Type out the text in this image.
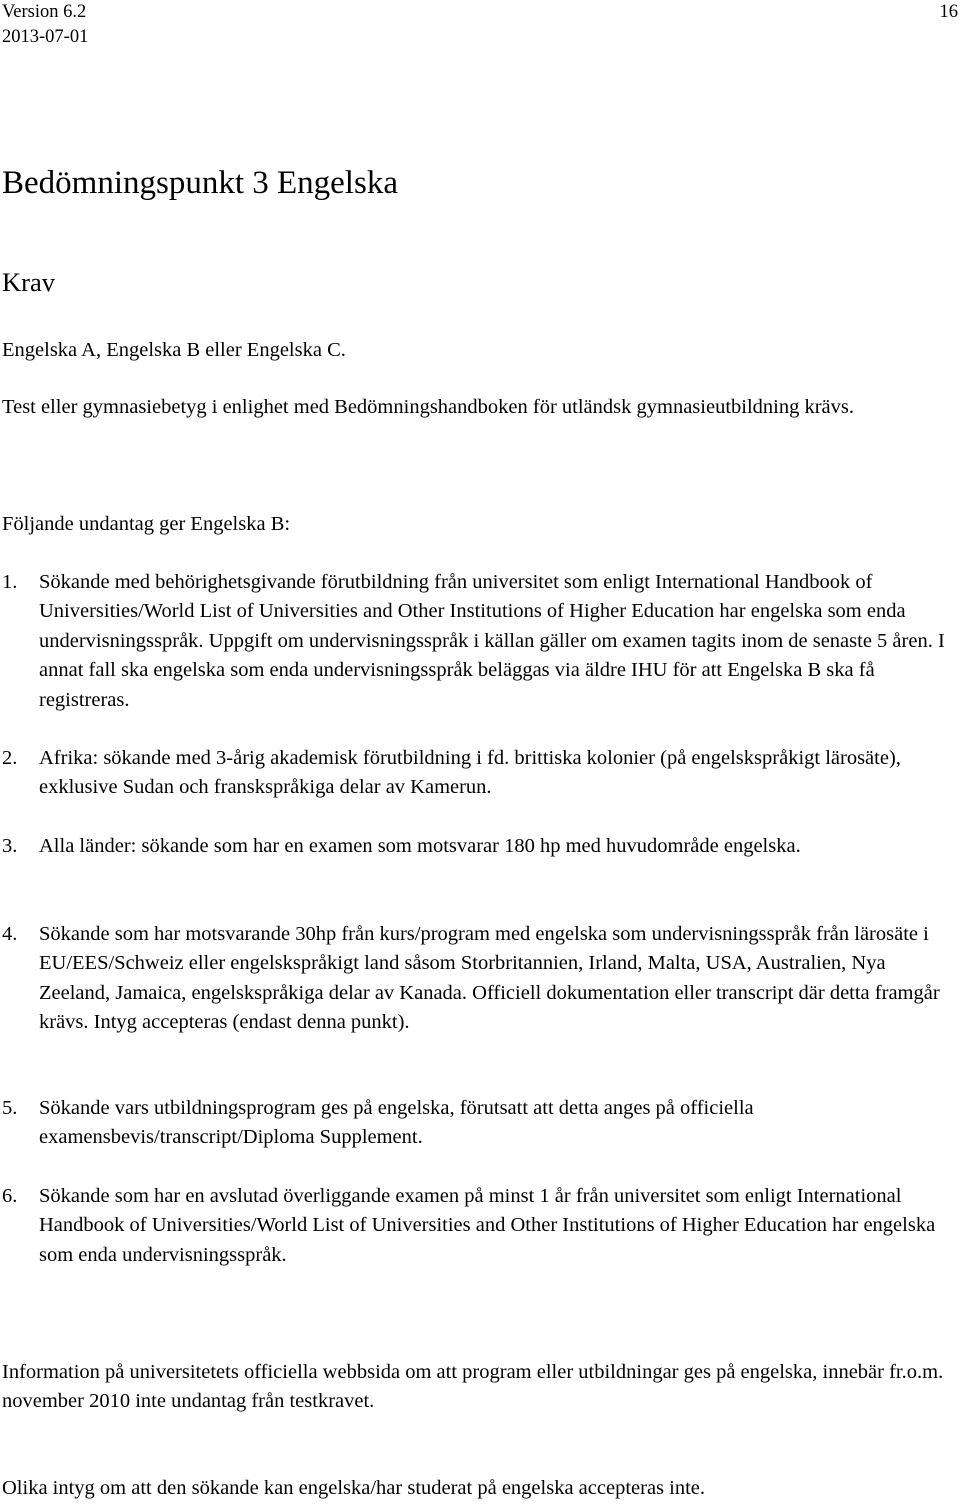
Version 6.2
2013-07-01
16
Bedömningspunkt 3 Engelska
Krav

Engelska A, Engelska B eller Engelska C.

Test eller gymnasiebetyg i enlighet med Bedömningshandboken för utländsk gymnasieutbildning krävs.

Följande undantag ger Engelska B:

1. Sökande med behörighetsgivande förutbildning från universitet som enligt International Handbook of Universities/World List of Universities and Other Institutions of Higher Education har engelska som enda undervisningsspråk. Uppgift om undervisningsspråk i källan gäller om examen tagits inom de senaste 5 åren. I annat fall ska engelska som enda undervisningsspråk beläggas via äldre IHU för att Engelska B ska få registreras.
2. Afrika: sökande med 3-årig akademisk förutbildning i fd. brittiska kolonier (på engelskspråkigt lärosäte), exklusive Sudan och franskspråkiga delar av Kamerun.
3. Alla länder: sökande som har en examen som motsvarar 180 hp med huvudområde engelska.
4. Sökande som har motsvarande 30hp från kurs/program med engelska som undervisningsspråk från lärosäte i EU/EES/Schweiz eller engelskspråkigt land såsom Storbritannien, Irland, Malta, USA, Australien, Nya Zeeland, Jamaica, engelskspråkiga delar av Kanada. Officiell dokumentation eller transcript där detta framgår krävs. Intyg accepteras (endast denna punkt).
5. Sökande vars utbildningsprogram ges på engelska, förutsatt att detta anges på officiella examensbevis/transcript/Diploma Supplement.
6. Sökande som har en avslutad överliggande examen på minst 1 år från universitet som enligt International Handbook of Universities/World List of Universities and Other Institutions of Higher Education har engelska som enda undervisningsspråk.

Information på universitetets officiella webbsida om att program eller utbildningar ges på engelska, innebär fr.o.m. november 2010 inte undantag från testkravet.

Olika intyg om att den sökande kan engelska/har studerat på engelska accepteras inte.
